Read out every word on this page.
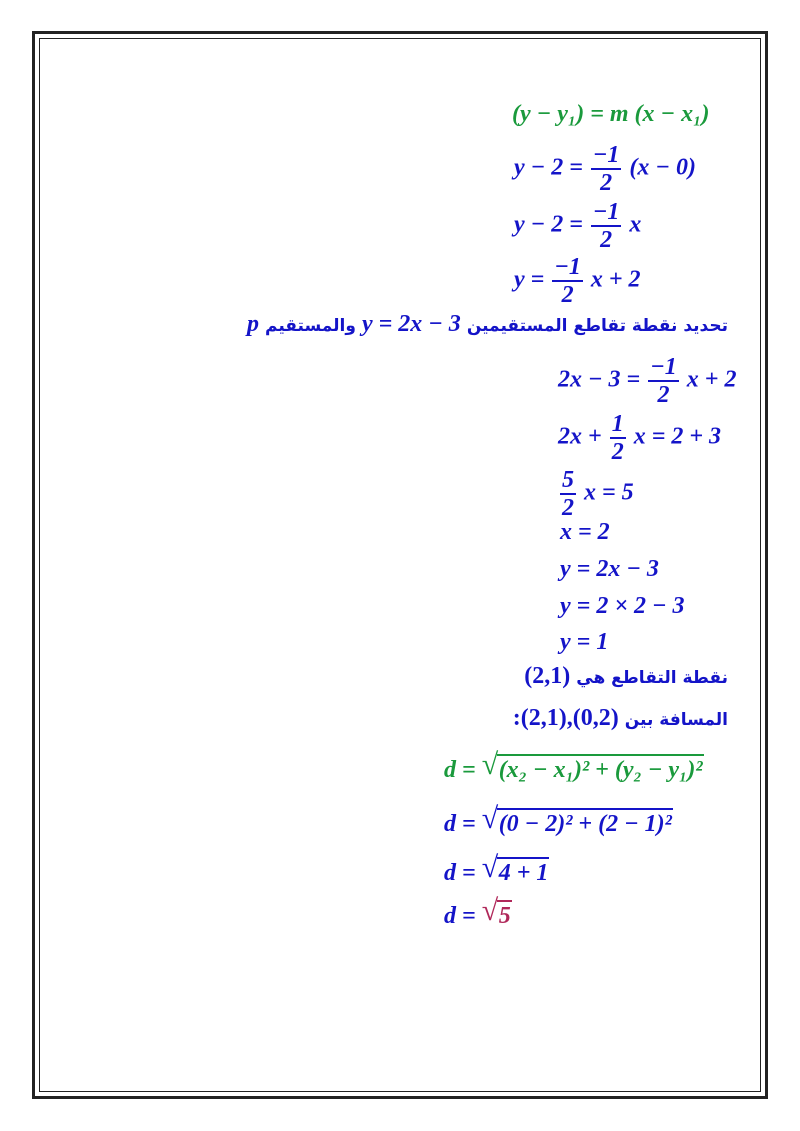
(y − y₁) = m (x − x₁)
$y - 2 = \frac{-1}{2} (x - 0)$
$y - 2 = \frac{-1}{2}$ x
$y = \frac{-1}{2}$ x + 2
تحديد نقطة تقاطع المستقيمين y = 2x − 3 والمستقيم p
$2x - 3 = \frac{-1}{2}$ x + 2
$2x + \frac{1}{2}$ x = 2 + 3
$\frac{5}{2}$ x = 5
x = 2
y = 2x − 3
y = 2 × 2 − 3
y = 1
نقطة التقاطع هي (2,1)
المسافة بين :(2,1),(0,2)
d = √ (x₂ − x₁)² + (y₂ − y₁)²
d = √ (0 − 2)² + (2 − 1)²
d = √ 4 + 1
d = √ 5
